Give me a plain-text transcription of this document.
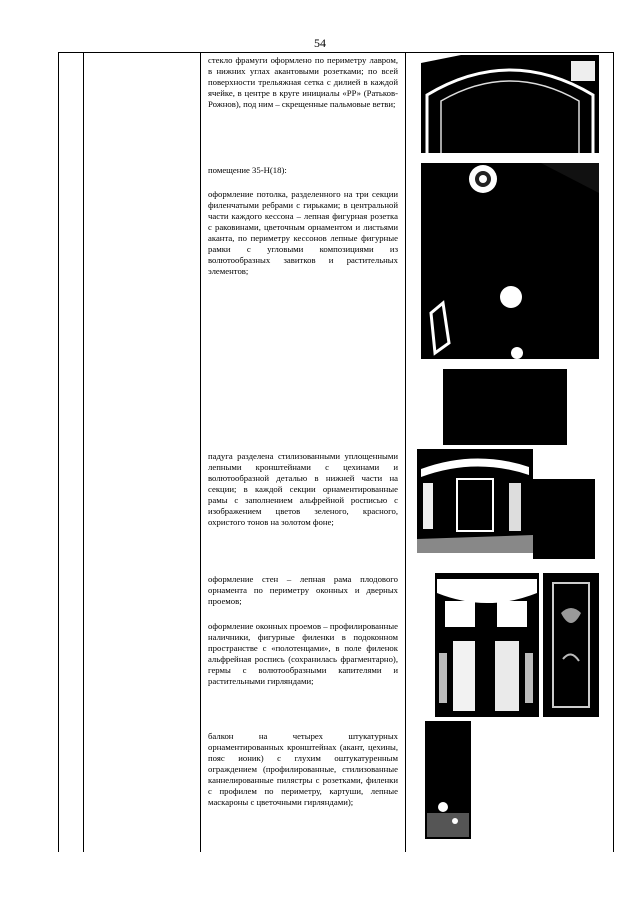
54

стекло фрамуги оформлено по периметру лавром, в нижних углах акантовыми розетками; по всей поверхности трельяжная сетка с дилией в каждой ячейке, в центре в круге инициалы «РР» (Ратьков-Рожнов), под ним – скрещенные пальмовые ветви;

помещение 35-Н(18):

оформление потолка, разделенного на три секции филенчатыми ребрами с гирьками; в центральной части каждого кессона – лепная фигурная розетка с раковинами, цветочным орнаментом и листьями аканта, по периметру кессонов лепные фигурные рамки с угловыми композициями из волютообразных завитков и растительных элементов;

падуга разделена стилизованными уплощенными лепными кронштейнами с цехинами и волютообразной деталью в нижней части на секции; в каждой секции орнаментированные рамы с заполнением альфрейной росписью с изображением цветов зеленого, красного, охристого тонов на золотом фоне;

оформление стен – лепная рама плодового орнамента по периметру оконных и дверных проемов;

оформление оконных проемов – профилированные наличники, фигурные филенки в подоконном пространстве с «полотенцами», в поле филенок альфрейная роспись (сохранилась фрагментарно), гермы с волютообразными капителями и растительными гирляндами;

балкон на четырех штукатурных орнаментированных кронштейнах (акант, цехины, пояс ионик) с глухим оштукатуренным ограждением (профилированные, стилизованные каннелированные пилястры с розетками, филенки с профилем по периметру, картуши, лепные маскароны с цветочными гирляндами);
